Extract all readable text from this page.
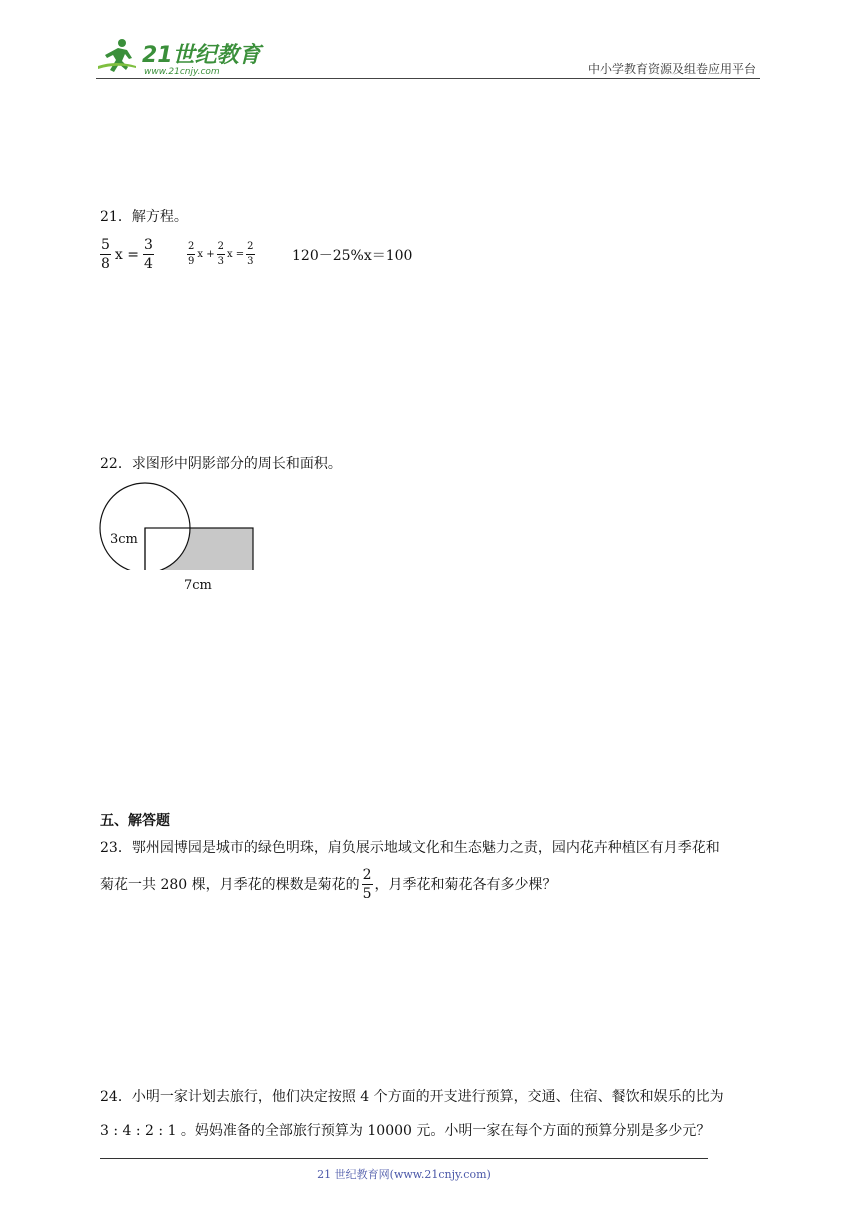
21世纪教育
www.21cnjy.com	中小学教育资源及组卷应用平台
21．解方程。
$\frac{5}{8}$ $x = \frac{3}{4}$	$\frac{2}{9}$ $x + \frac{2}{3}$ $x = \frac{2}{3}$	120－25%x＝100
22．求图形中阴影部分的周长和面积。
3cm
7cm
五、解答题
23．鄂州园博园是城市的绿色明珠，肩负展示地域文化和生态魅力之责，园内花卉种植区有月季花和
菊花一共 280 棵，月季花的棵数是菊花的 $\frac{2}{5}$ ，月季花和菊花各有多少棵？
24．小明一家计划去旅行，他们决定按照 4 个方面的开支进行预算，交通、住宿、餐饮和娱乐的比为
3 : 4 : 2 : 1 。妈妈准备的全部旅行预算为 10000 元。小明一家在每个方面的预算分别是多少元？
21 世纪教育网(www.21cnjy.com)
